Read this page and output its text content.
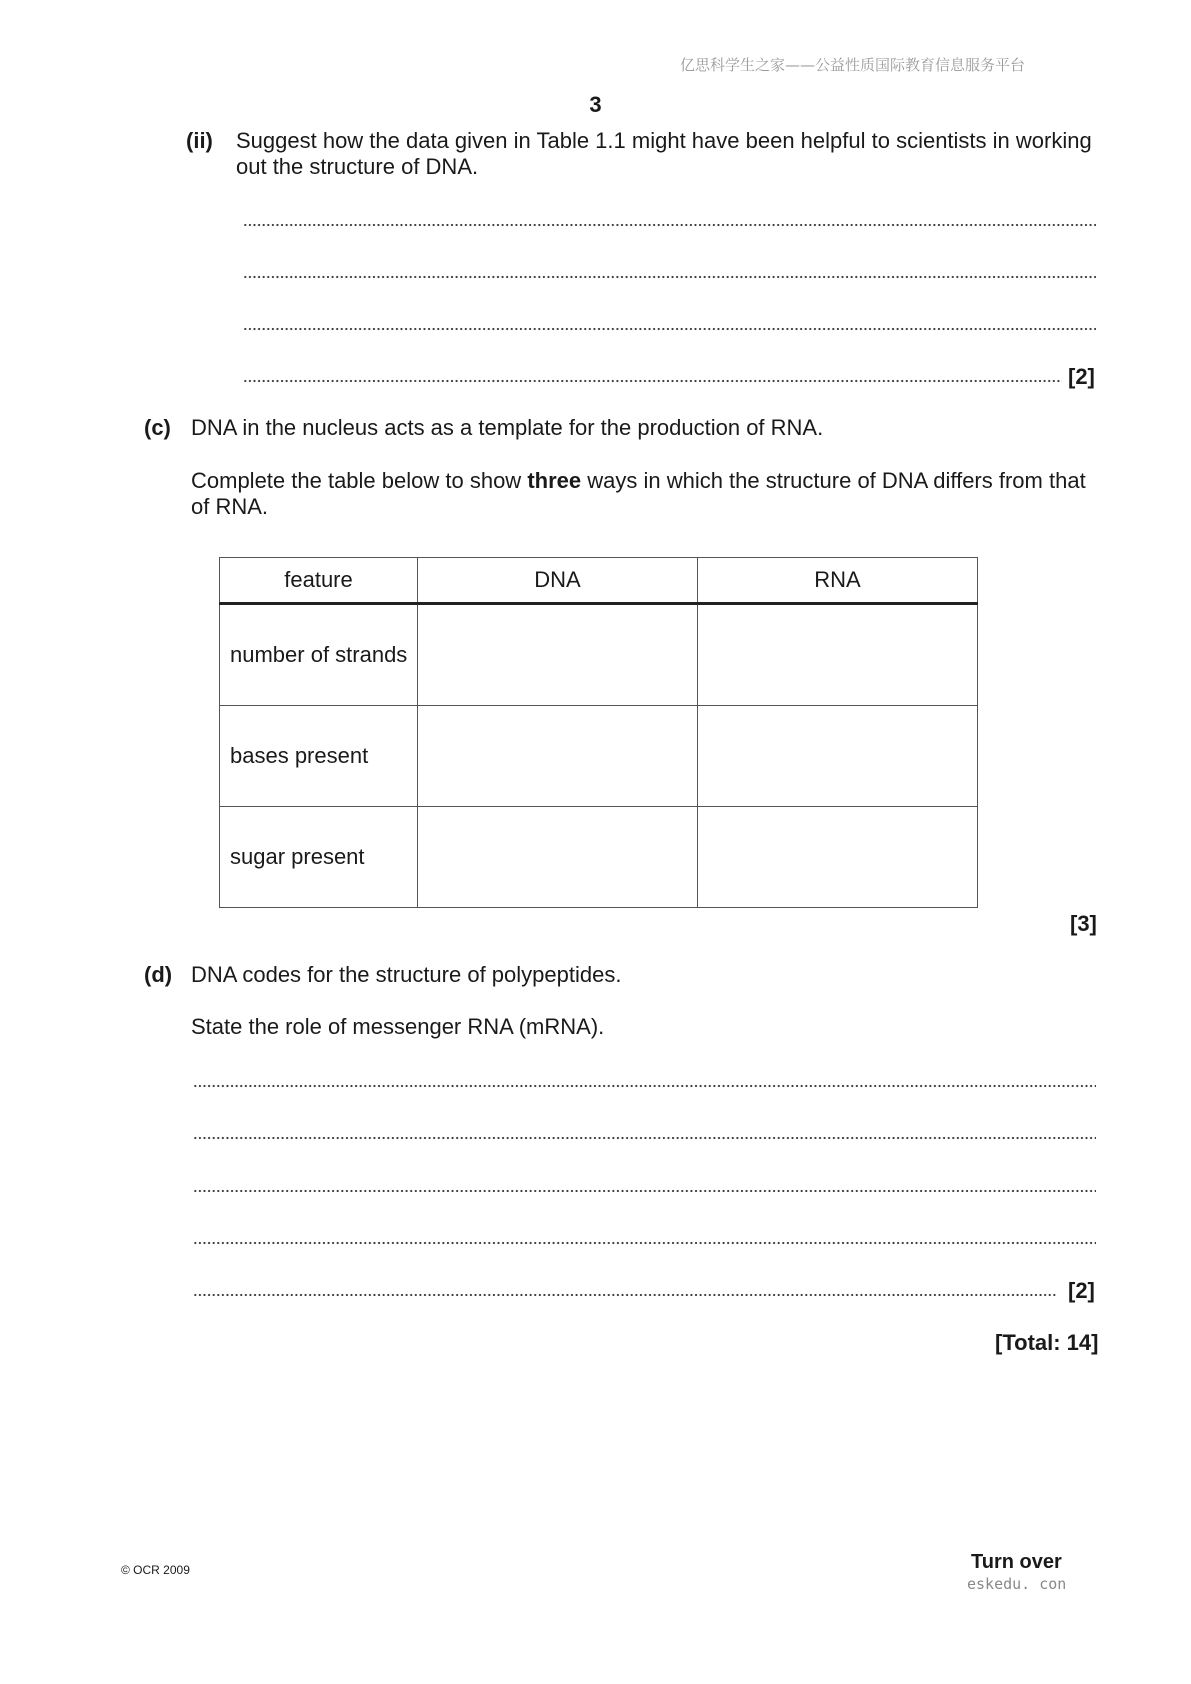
亿思科学生之家——公益性质国际教育信息服务平台
3
(ii) Suggest how the data given in Table 1.1 might have been helpful to scientists in working
out the structure of DNA.
[2]
(c) DNA in the nucleus acts as a template for the production of RNA.
Complete the table below to show three ways in which the structure of DNA differs from that
of RNA.
feature	DNA	RNA
number of strands		
bases present		
sugar present		
[3]
(d) DNA codes for the structure of polypeptides.
State the role of messenger RNA (mRNA).
[2]
[Total: 14]
© OCR 2009	Turn over
eskedu. con
